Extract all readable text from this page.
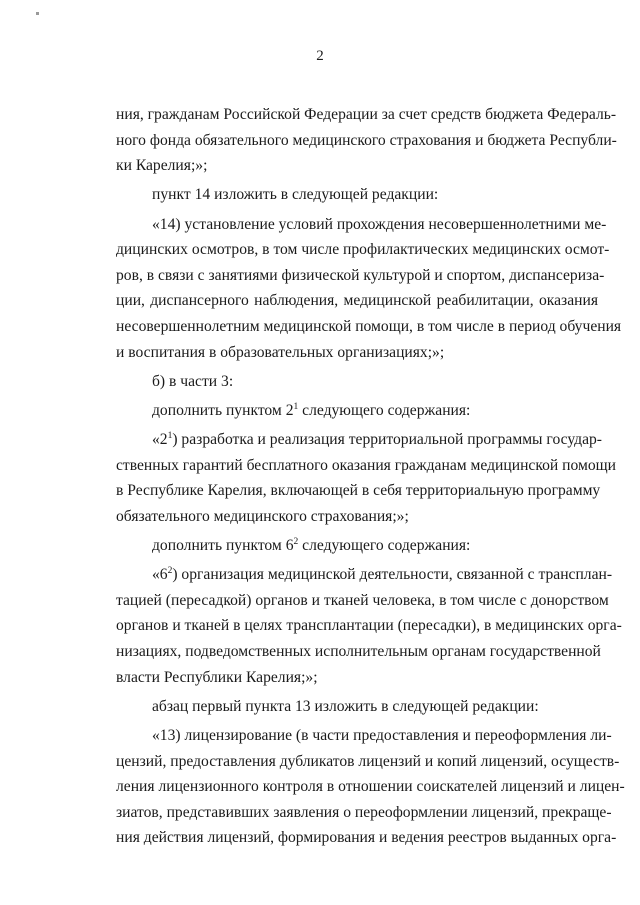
2
ния, гражданам Российской Федерации за счет средств бюджета Федераль-
ного фонда обязательного медицинского страхования и бюджета Республи-
ки Карелия;»;
пункт 14 изложить в следующей редакции:
«14) установление условий прохождения несовершеннолетними ме-
дицинских осмотров, в том числе профилактических медицинских осмот-
ров, в связи с занятиями физической культурой и спортом, диспансериза-
ции, диспансерного наблюдения, медицинской реабилитации, оказания
несовершеннолетним медицинской помощи, в том числе в период обучения
и воспитания в образовательных организациях;»;
б) в части 3:
дополнить пунктом $2^1$ следующего содержания:
«$2^1$) разработка и реализация территориальной программы государ-
ственных гарантий бесплатного оказания гражданам медицинской помощи
в Республике Карелия, включающей в себя территориальную программу
обязательного медицинского страхования;»;
дополнить пунктом $6^2$ следующего содержания:
«$6^2$) организация медицинской деятельности, связанной с трансплан-
тацией (пересадкой) органов и тканей человека, в том числе с донорством
органов и тканей в целях трансплантации (пересадки), в медицинских орга-
низациях, подведомственных исполнительным органам государственной
власти Республики Карелия;»;
абзац первый пункта 13 изложить в следующей редакции:
«13) лицензирование (в части предоставления и переоформления ли-
цензий, предоставления дубликатов лицензий и копий лицензий, осуществ-
ления лицензионного контроля в отношении соискателей лицензий и лицен-
зиатов, представивших заявления о переоформлении лицензий, прекраще-
ния действия лицензий, формирования и ведения реестров выданных орга-
